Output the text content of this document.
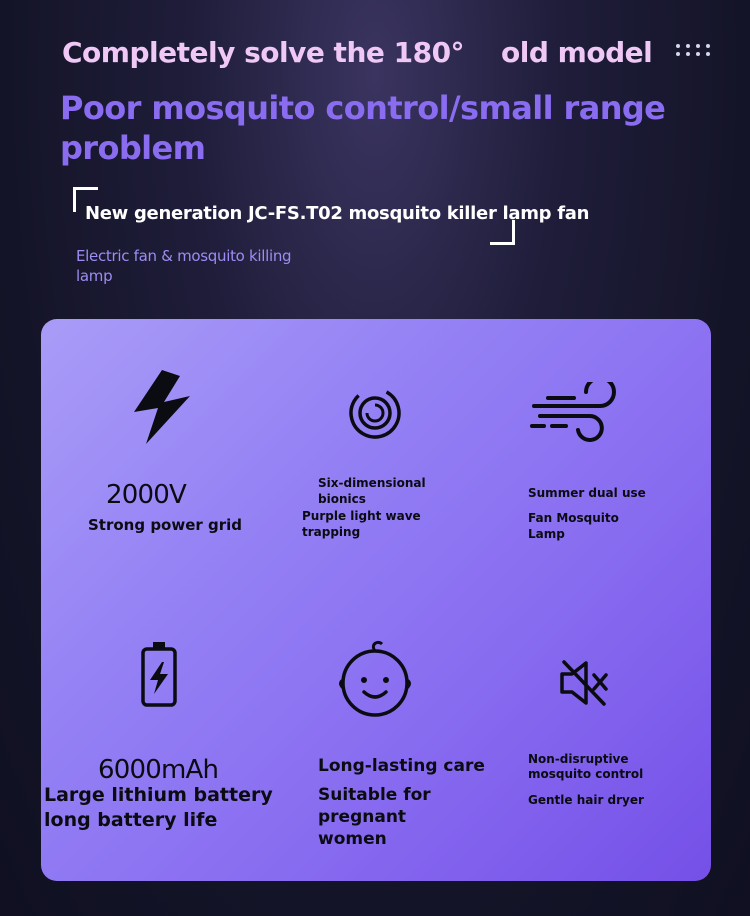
Completely solve the 180°    old model
Poor mosquito control/small range problem
New generation JC-FS.T02 mosquito killer lamp fan
Electric fan & mosquito killing lamp
2000V
Strong power grid
Six-dimensional
bionics
Purple light wave
trapping
Summer dual use
Fan Mosquito
Lamp
6000mAh
Large lithium battery
long battery life
Long-lasting care
Suitable for
pregnant
women
Non-disruptive
mosquito control
Gentle hair dryer
